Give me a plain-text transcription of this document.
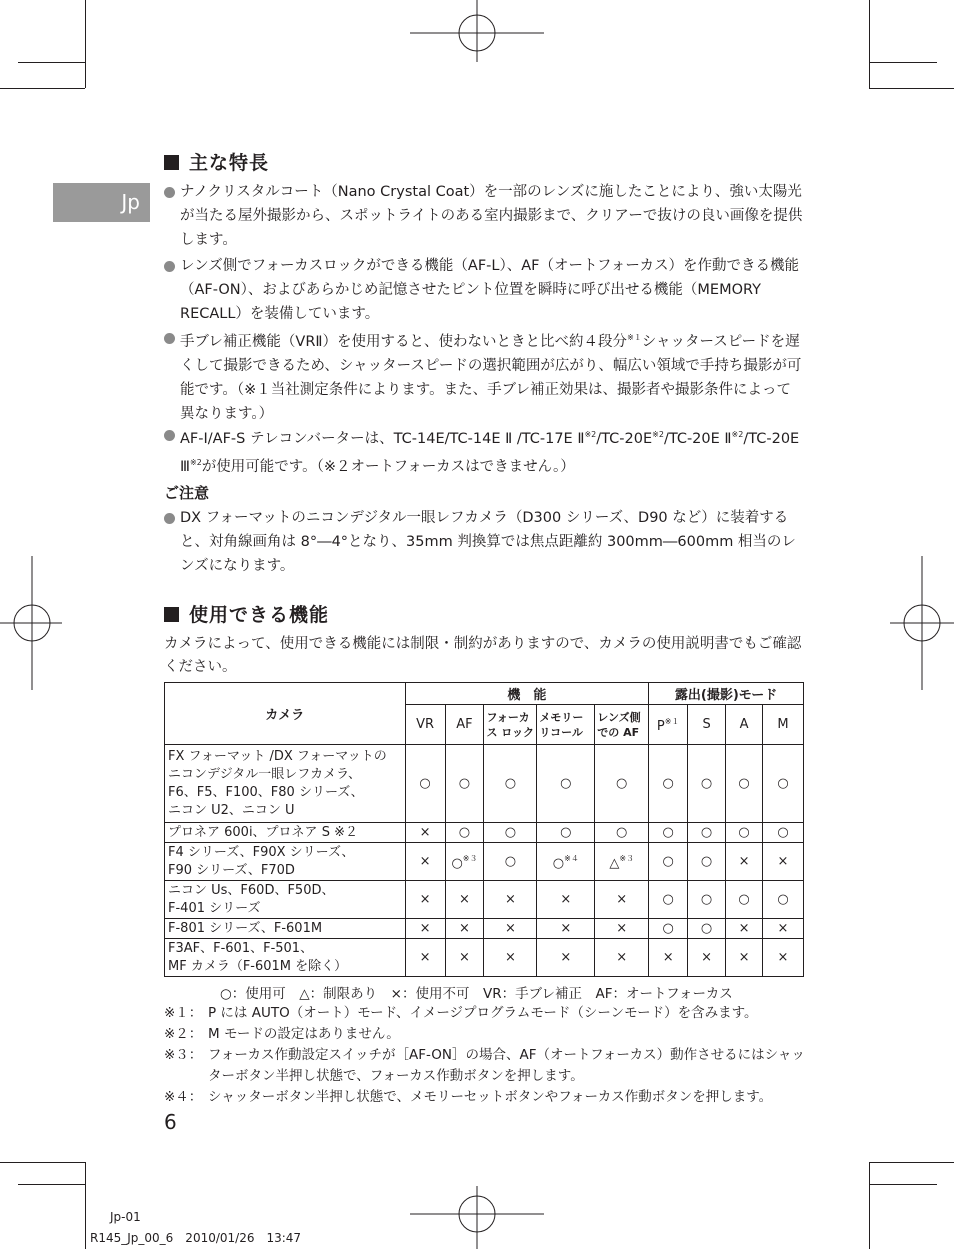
Jp
主な特長
ナノクリスタルコート（Nano Crystal Coat）を一部のレンズに施したことにより、強い太陽光が当たる屋外撮影から、スポットライトのある室内撮影まで、クリアーで抜けの良い画像を提供します。
レンズ側でフォーカスロックができる機能（AF-L）、AF（オートフォーカス）を作動できる機能（AF-ON）、およびあらかじめ記憶させたピント位置を瞬時に呼び出せる機能（MEMORY RECALL）を装備しています。
手ブレ補正機能（VRⅡ）を使用すると、使わないときと比べ約４段分$^{※1}$シャッタースピードを遅くして撮影できるため、シャッタースピードの選択範囲が広がり、幅広い領域で手持ち撮影が可能です。（※１当社測定条件によります。また、手ブレ補正効果は、撮影者や撮影条件によって異なります。）
AF-I/AF-S テレコンバーターは、TC-14E/TC-14E Ⅱ /TC-17E $Ⅱ^{※2}/TC-20E^{※2}/TC-20E$ Ⅱ$^{※2}$/TC-20E Ⅲ$^{※2}$が使用可能です。（※２オートフォーカスはできません。）
ご注意
DX フォーマットのニコンデジタル一眼レフカメラ（D300 シリーズ、D90 など）に装着すると、対角線画角は 8°―4°となり、35mm 判換算では焦点距離約 300mm―600mm 相当のレンズになります。
使用できる機能
カメラによって、使用できる機能には制限・制約がありますので、カメラの使用説明書でもご確認ください。
カメラ	機　能					露出(撮影)モード			
	VR	AF	フォーカス ロック	メモリー リコール	レンズ側 での AF	$P^{※1}$	S	A	M

FX フォーマット /DX フォーマットの
ニコンデジタル一眼レフカメラ、
F6、F5、F100、F80 シリーズ、
ニコン U2、ニコン U	○	○	○	○	○	○	○	○	○

プロネア 600i、プロネア S ※２	×	○	○	○	○	○	○	○	○

F4 シリーズ、F90X シリーズ、
F90 シリーズ、F70D	×	○$^{※3}$	○	○$^{※4}$	△$^{※3}$	○	○	×	×

ニコン Us、F60D、F50D、
F-401 シリーズ	×	×	×	×	×	○	○	○	○

F-801 シリーズ、F-601M	×	×	×	×	×	○	○	×	×

F3AF、F-601、F-501、
MF カメラ（F-601M を除く）	×	×	×	×	×	×	×	×	×
○：使用可　△：制限あり　×：使用不可　VR：手ブレ補正　AF：オートフォーカス
※１： P には AUTO（オート）モード、イメージプログラムモード（シーンモード）を含みます。
※２： M モードの設定はありません。
※３： フォーカス作動設定スイッチが［AF-ON］の場合、AF（オートフォーカス）動作させるにはシャッターボタン半押し状態で、フォーカス作動ボタンを押します。
※４： シャッターボタン半押し状態で、メモリーセットボタンやフォーカス作動ボタンを押します。
6
Jp-01
R145_Jp_00_6　2010/01/26　13:47
